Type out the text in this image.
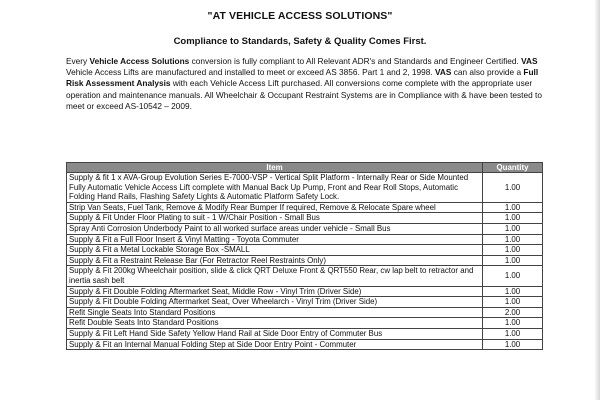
"AT VEHICLE ACCESS SOLUTIONS"
Compliance to Standards, Safety & Quality Comes First.
Every Vehicle Access Solutions conversion is fully compliant to All Relevant ADR's and Standards and Engineer Certified. VAS Vehicle Access Lifts are manufactured and installed to meet or exceed AS 3856. Part 1 and 2, 1998. VAS can also provide a Full Risk Assessment Analysis with each Vehicle Access Lift purchased. All conversions come complete with the appropriate user operation and maintenance manuals. All Wheelchair & Occupant Restraint Systems are in Compliance with & have been tested to meet or exceed AS-10542 – 2009.
Item	Quantity
Supply & fit 1 x AVA-Group Evolution Series E-7000-VSP - Vertical Split Platform - Internally Rear or Side Mounted Fully Automatic Vehicle Access Lift complete with Manual Back Up Pump, Front and Rear Roll Stops, Automatic Folding Hand Rails, Flashing Safety Lights & Automatic Platform Safety Lock.	1.00
Strip Van Seats, Fuel Tank, Remove & Modify Rear Bumper If required, Remove & Relocate Spare wheel	1.00
Supply & Fit Under Floor Plating to suit - 1 W/Chair Position - Small Bus	1.00
Spray Anti Corrosion Underbody Paint to all worked surface areas under vehicle - Small Bus	1.00
Supply & Fit a Full Floor Insert & Vinyl Matting - Toyota Commuter	1.00
Supply & Fit a Metal Lockable Storage Box -SMALL	1.00
Supply & Fit a Restraint Release Bar (For Retractor Reel Restraints Only)	1.00
Supply & Fit 200kg Wheelchair position, slide & click QRT Deluxe Front & QRT550 Rear, cw lap belt to retractor and inertia sash belt	1.00
Supply & Fit Double Folding Aftermarket Seat, Middle Row - Vinyl Trim (Driver Side)	1.00
Supply & Fit Double Folding Aftermarket Seat, Over Wheelarch - Vinyl Trim (Driver Side)	1.00
Refit Single Seats Into Standard Positions	2.00
Refit Double Seats Into Standard Positions	1.00
Supply & Fit Left Hand Side Safety Yellow Hand Rail at Side Door Entry of Commuter Bus	1.00
Supply & Fit an Internal Manual Folding Step at Side Door Entry Point - Commuter	1.00
